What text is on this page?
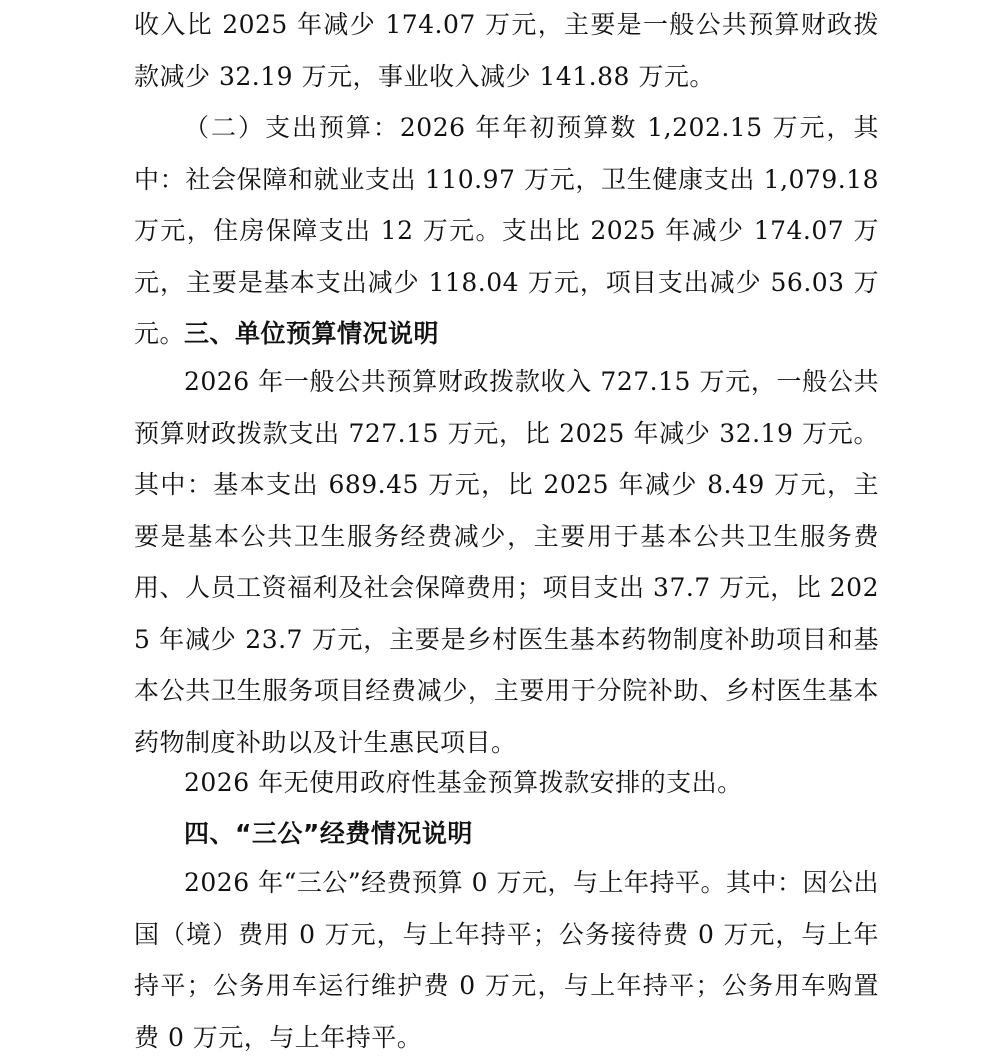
收入比 2025 年减少 174.07 万元，主要是一般公共预算财政拨款减少 32.19 万元，事业收入减少 141.88 万元。

（二）支出预算：2026 年年初预算数 1,202.15 万元，其中：社会保障和就业支出 110.97 万元，卫生健康支出 1,079.18 万元，住房保障支出 12 万元。支出比 2025 年减少 174.07 万元，主要是基本支出减少 118.04 万元，项目支出减少 56.03 万元。

三、单位预算情况说明

2026 年一般公共预算财政拨款收入 727.15 万元，一般公共预算财政拨款支出 727.15 万元，比 2025 年减少 32.19 万元。其中：基本支出 689.45 万元，比 2025 年减少 8.49 万元，主要是基本公共卫生服务经费减少，主要用于基本公共卫生服务费用、人员工资福利及社会保障费用；项目支出 37.7 万元，比 2025 年减少 23.7 万元，主要是乡村医生基本药物制度补助项目和基本公共卫生服务项目经费减少，主要用于分院补助、乡村医生基本药物制度补助以及计生惠民项目。

2026 年无使用政府性基金预算拨款安排的支出。

四、“三公”经费情况说明

2026 年“三公”经费预算 0 万元，与上年持平。其中：因公出国（境）费用 0 万元，与上年持平；公务接待费 0 万元，与上年持平；公务用车运行维护费 0 万元，与上年持平；公务用车购置费 0 万元，与上年持平。
